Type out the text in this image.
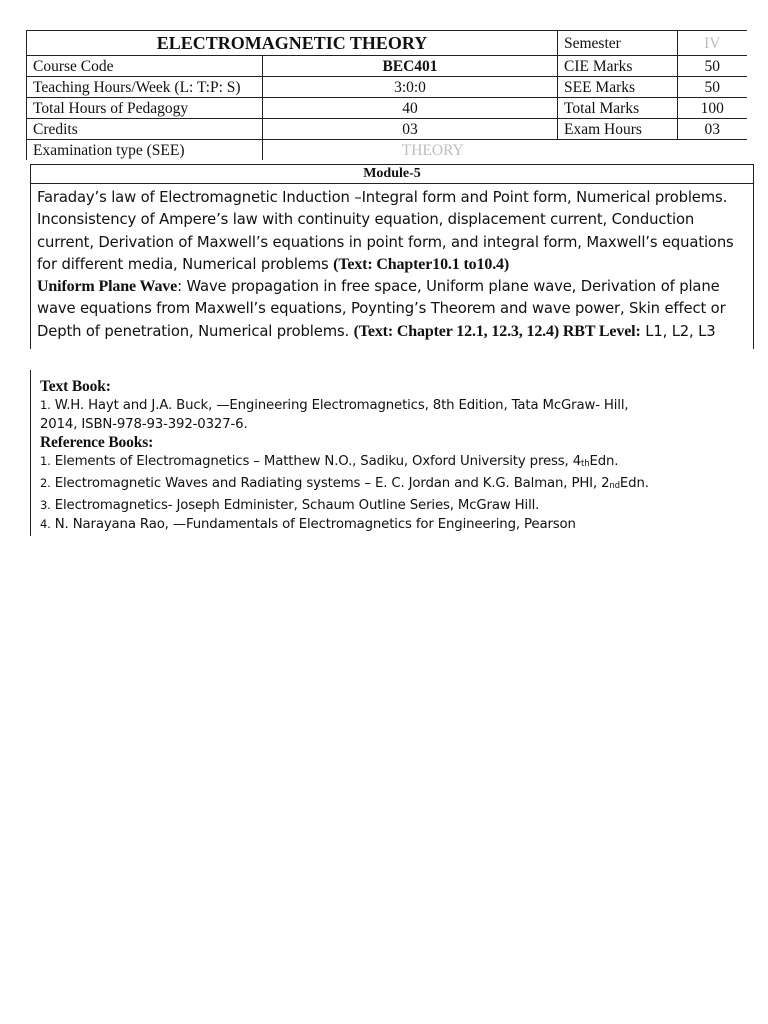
ELECTROMAGNETIC THEORY		Semester	IV
Course Code	BEC401	CIE Marks	50
Teaching Hours/Week (L: T:P: S)	3:0:0	SEE Marks	50
Total Hours of Pedagogy	40	Total Marks	100
Credits	03	Exam Hours	03
Examination type (SEE)	THEORY		
Module-5
Faraday’s law of Electromagnetic Induction –Integral form and Point form, Numerical problems. Inconsistency of Ampere’s law with continuity equation, displacement current, Conduction current, Derivation of Maxwell’s equations in point form, and integral form, Maxwell’s equations for different media, Numerical problems (Text: Chapter10.1 to10.4)
Uniform Plane Wave: Wave propagation in free space, Uniform plane wave, Derivation of plane wave equations from Maxwell’s equations, Poynting’s Theorem and wave power, Skin effect or Depth of penetration, Numerical problems. (Text: Chapter 12.1, 12.3, 12.4) RBT Level: L1, L2, L3
Text Book:
1. W.H. Hayt and J.A. Buck, —Engineering Electromagnetics, 8th Edition, Tata McGraw- Hill,
2014, ISBN-978-93-392-0327-6.
Reference Books:
1. Elements of Electromagnetics – Matthew N.O., Sadiku, Oxford University press, $4_{th}Edn$.
2. Electromagnetic Waves and Radiating systems – E. C. Jordan and K.G. Balman, PHI, $2_{nd}Edn$.
3. Electromagnetics- Joseph Edminister, Schaum Outline Series, McGraw Hill.
4. N. Narayana Rao, —Fundamentals of Electromagnetics for Engineering, Pearson
